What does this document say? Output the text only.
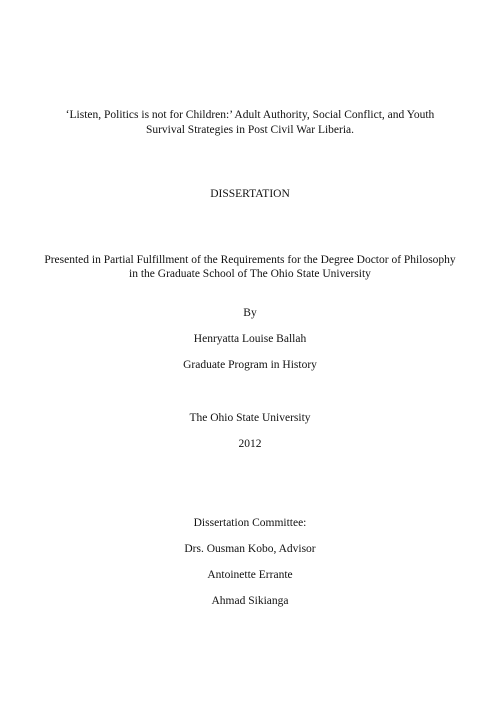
‘Listen, Politics is not for Children:’ Adult Authority, Social Conflict, and Youth
Survival Strategies in Post Civil War Liberia.
DISSERTATION
Presented in Partial Fulfillment of the Requirements for the Degree Doctor of Philosophy
in the Graduate School of The Ohio State University
By
Henryatta Louise Ballah
Graduate Program in History
The Ohio State University
2012
Dissertation Committee:
Drs. Ousman Kobo, Advisor
Antoinette Errante
Ahmad Sikianga
